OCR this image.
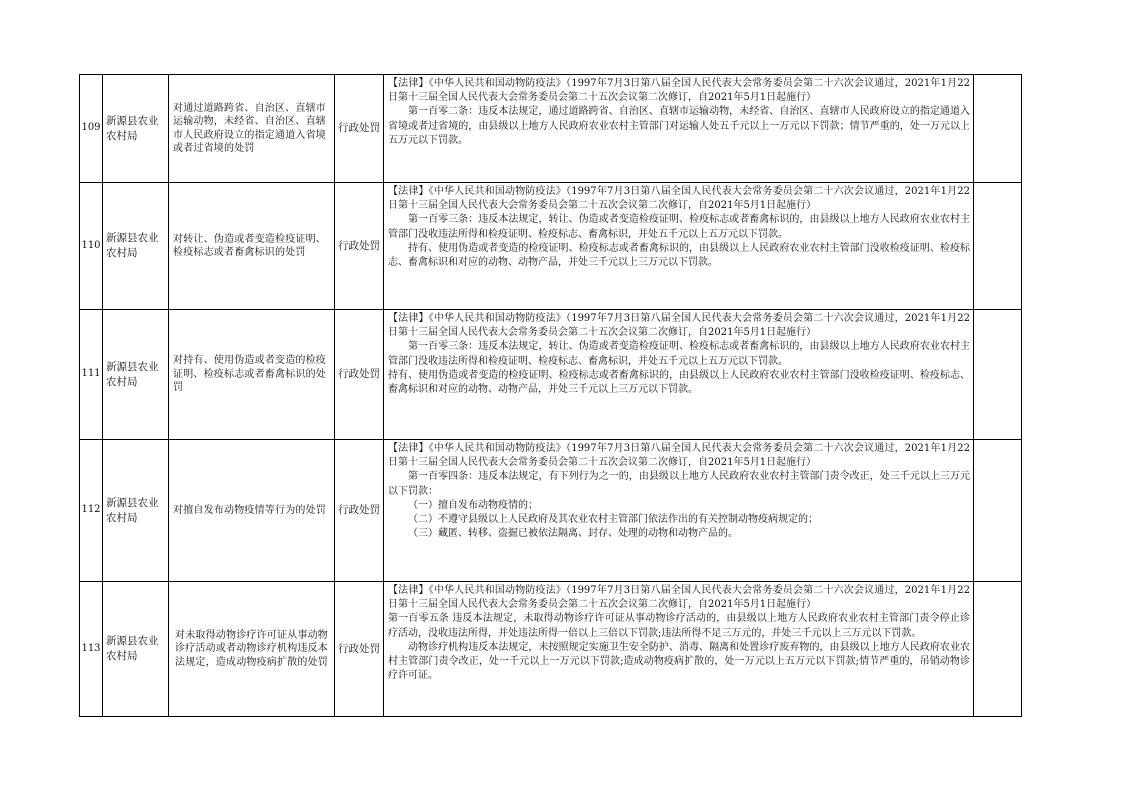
109	新源县农业农村局	对通过道路跨省、自治区、直辖市运输动物，未经省、自治区、直辖市人民政府设立的指定通道入省境或者过省境的处罚	行政处罚	【法律】《中华人民共和国动物防疫法》（1997年7月3日第八届全国人民代表大会常务委员会第二十六次会议通过，2021年1月22日第十三届全国人民代表大会常务委员会第二十五次会议第二次修订，自2021年5月1日起施行）

第一百零二条：违反本法规定，通过道路跨省、自治区、直辖市运输动物，未经省、自治区、直辖市人民政府设立的指定通道入省境或者过省境的，由县级以上地方人民政府农业农村主管部门对运输人处五千元以上一万元以下罚款；情节严重的，处一万元以上五万元以下罚款。	

110	新源县农业农村局	对转让、伪造或者变造检疫证明、检疫标志或者畜禽标识的处罚	行政处罚	【法律】《中华人民共和国动物防疫法》（1997年7月3日第八届全国人民代表大会常务委员会第二十六次会议通过，2021年1月22日第十三届全国人民代表大会常务委员会第二十五次会议第二次修订，自2021年5月1日起施行）

第一百零三条：违反本法规定，转让、伪造或者变造检疫证明、检疫标志或者畜禽标识的，由县级以上地方人民政府农业农村主管部门没收违法所得和检疫证明、检疫标志、畜禽标识，并处五千元以上五万元以下罚款。

持有、使用伪造或者变造的检疫证明、检疫标志或者畜禽标识的，由县级以上人民政府农业农村主管部门没收检疫证明、检疫标志、畜禽标识和对应的动物、动物产品，并处三千元以上三万元以下罚款。	

111	新源县农业农村局	对持有、使用伪造或者变造的检疫证明、检疫标志或者畜禽标识的处罚	行政处罚	【法律】《中华人民共和国动物防疫法》（1997年7月3日第八届全国人民代表大会常务委员会第二十六次会议通过，2021年1月22日第十三届全国人民代表大会常务委员会第二十五次会议第二次修订，自2021年5月1日起施行）

第一百零三条：违反本法规定，转让、伪造或者变造检疫证明、检疫标志或者畜禽标识的，由县级以上地方人民政府农业农村主管部门没收违法所得和检疫证明、检疫标志、畜禽标识，并处五千元以上五万元以下罚款。

持有、使用伪造或者变造的检疫证明、检疫标志或者畜禽标识的，由县级以上人民政府农业农村主管部门没收检疫证明、检疫标志、畜禽标识和对应的动物、动物产品，并处三千元以上三万元以下罚款。	

112	新源县农业农村局	对擅自发布动物疫情等行为的处罚	行政处罚	【法律】《中华人民共和国动物防疫法》（1997年7月3日第八届全国人民代表大会常务委员会第二十六次会议通过，2021年1月22日第十三届全国人民代表大会常务委员会第二十五次会议第二次修订，自2021年5月1日起施行）

第一百零四条：违反本法规定，有下列行为之一的，由县级以上地方人民政府农业农村主管部门责令改正，处三千元以上三万元以下罚款：

（一）擅自发布动物疫情的；

（二）不遵守县级以上人民政府及其农业农村主管部门依法作出的有关控制动物疫病规定的；

（三）藏匿、转移、盗掘已被依法隔离、封存、处理的动物和动物产品的。	

113	新源县农业农村局	对未取得动物诊疗许可证从事动物诊疗活动或者动物诊疗机构违反本法规定，造成动物疫病扩散的处罚	行政处罚	【法律】《中华人民共和国动物防疫法》（1997年7月3日第八届全国人民代表大会常务委员会第二十六次会议通过，2021年1月22日第十三届全国人民代表大会常务委员会第二十五次会议第二次修订，自2021年5月1日起施行）

第一百零五条 违反本法规定，未取得动物诊疗许可证从事动物诊疗活动的，由县级以上地方人民政府农业农村主管部门责令停止诊疗活动，没收违法所得，并处违法所得一倍以上三倍以下罚款;违法所得不足三万元的，并处三千元以上三万元以下罚款。

动物诊疗机构违反本法规定，未按照规定实施卫生安全防护、消毒、隔离和处置诊疗废弃物的，由县级以上地方人民政府农业农村主管部门责令改正，处一千元以上一万元以下罚款;造成动物疫病扩散的，处一万元以上五万元以下罚款;情节严重的，吊销动物诊疗许可证。	
